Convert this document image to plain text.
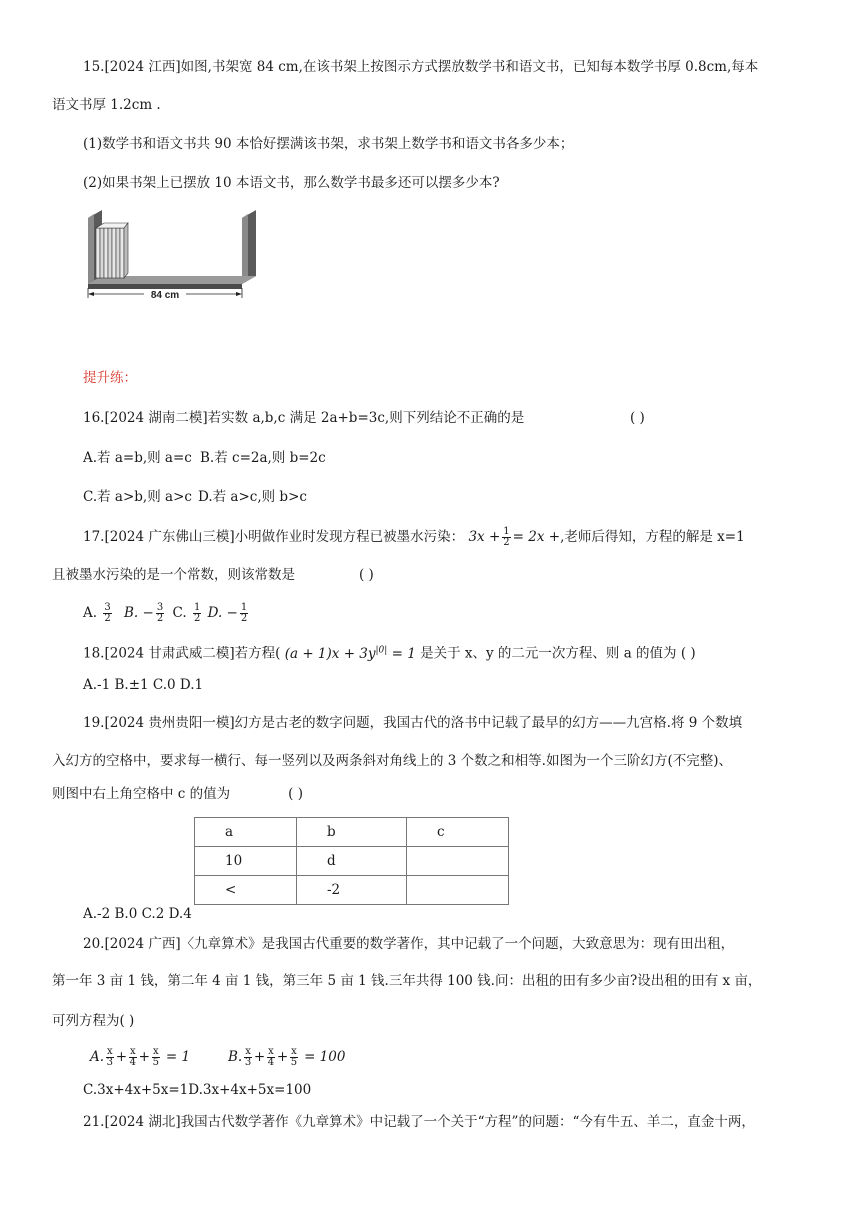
15.[2024 江西]如图,书架宽 84 cm,在该书架上按图示方式摆放数学书和语文书，已知每本数学书厚 0.8cm,每本
语文书厚 1.2cm .
(1)数学书和语文书共 90 本恰好摆满该书架，求书架上数学书和语文书各多少本；
(2)如果书架上已摆放 10 本语文书，那么数学书最多还可以摆多少本?
84 cm
提升练：
16.[2024 湖南二模]若实数 a,b,c 满足 2a+b=3c,则下列结论不正确的是	( )
A.若 a=b,则 a=c B.若 c=2a,则 b=2c
C.若 a>b,则 a>c D.若 a>c,则 b>c
17.[2024 广东佛山三模]小明做作业时发现方程已被墨水污染： $3x + \frac{1}{2} = 2x$ +,老师后得知，方程的解是 x=1
且被墨水污染的是一个常数，则该常数是	( )
A. $\frac{3}{2} B$. − $\frac{3}{2} C$. $\frac{1}{2} D$. − $\frac{1}{2}$
18.[2024 甘肃武威二模]若方程( $(a + 1)x + 3y^{|0|} = 1$ 是关于 x、y 的二元一次方程、则 a 的值为 ( )
A.-1 B.±1 C.0 D.1
19.[2024 贵州贵阳一模]幻方是古老的数字问题，我国古代的洛书中记载了最早的幻方——九宫格.将 9 个数填
入幻方的空格中，要求每一横行、每一竖列以及两条斜对角线上的 3 个数之和相等.如图为一个三阶幻方(不完整)、
则图中右上角空格中 c 的值为	( )
a	b	c
10	d	
<	-2	
A.-2 B.0 C.2 D.4
20.[2024 广西]〈九章算术》是我国古代重要的数学著作，其中记载了一个问题，大致意思为：现有田出租，
第一年 3 亩 1 钱，第二年 4 亩 1 钱，第三年 5 亩 1 钱.三年共得 100 钱.问：出租的田有多少亩?设出租的田有 x 亩，
可列方程为( )
A. $\frac{x}{3} + \frac{x}{4} + \frac{x}{5} = 1$	B. $\frac{x}{3} + \frac{x}{4} + \frac{x}{5} = 100$
C.3x+4x+5x=1D.3x+4x+5x=100
21.[2024 湖北]我国古代数学著作《九章算术》中记载了一个关于“方程”的问题：“今有牛五、羊二，直金十两，
